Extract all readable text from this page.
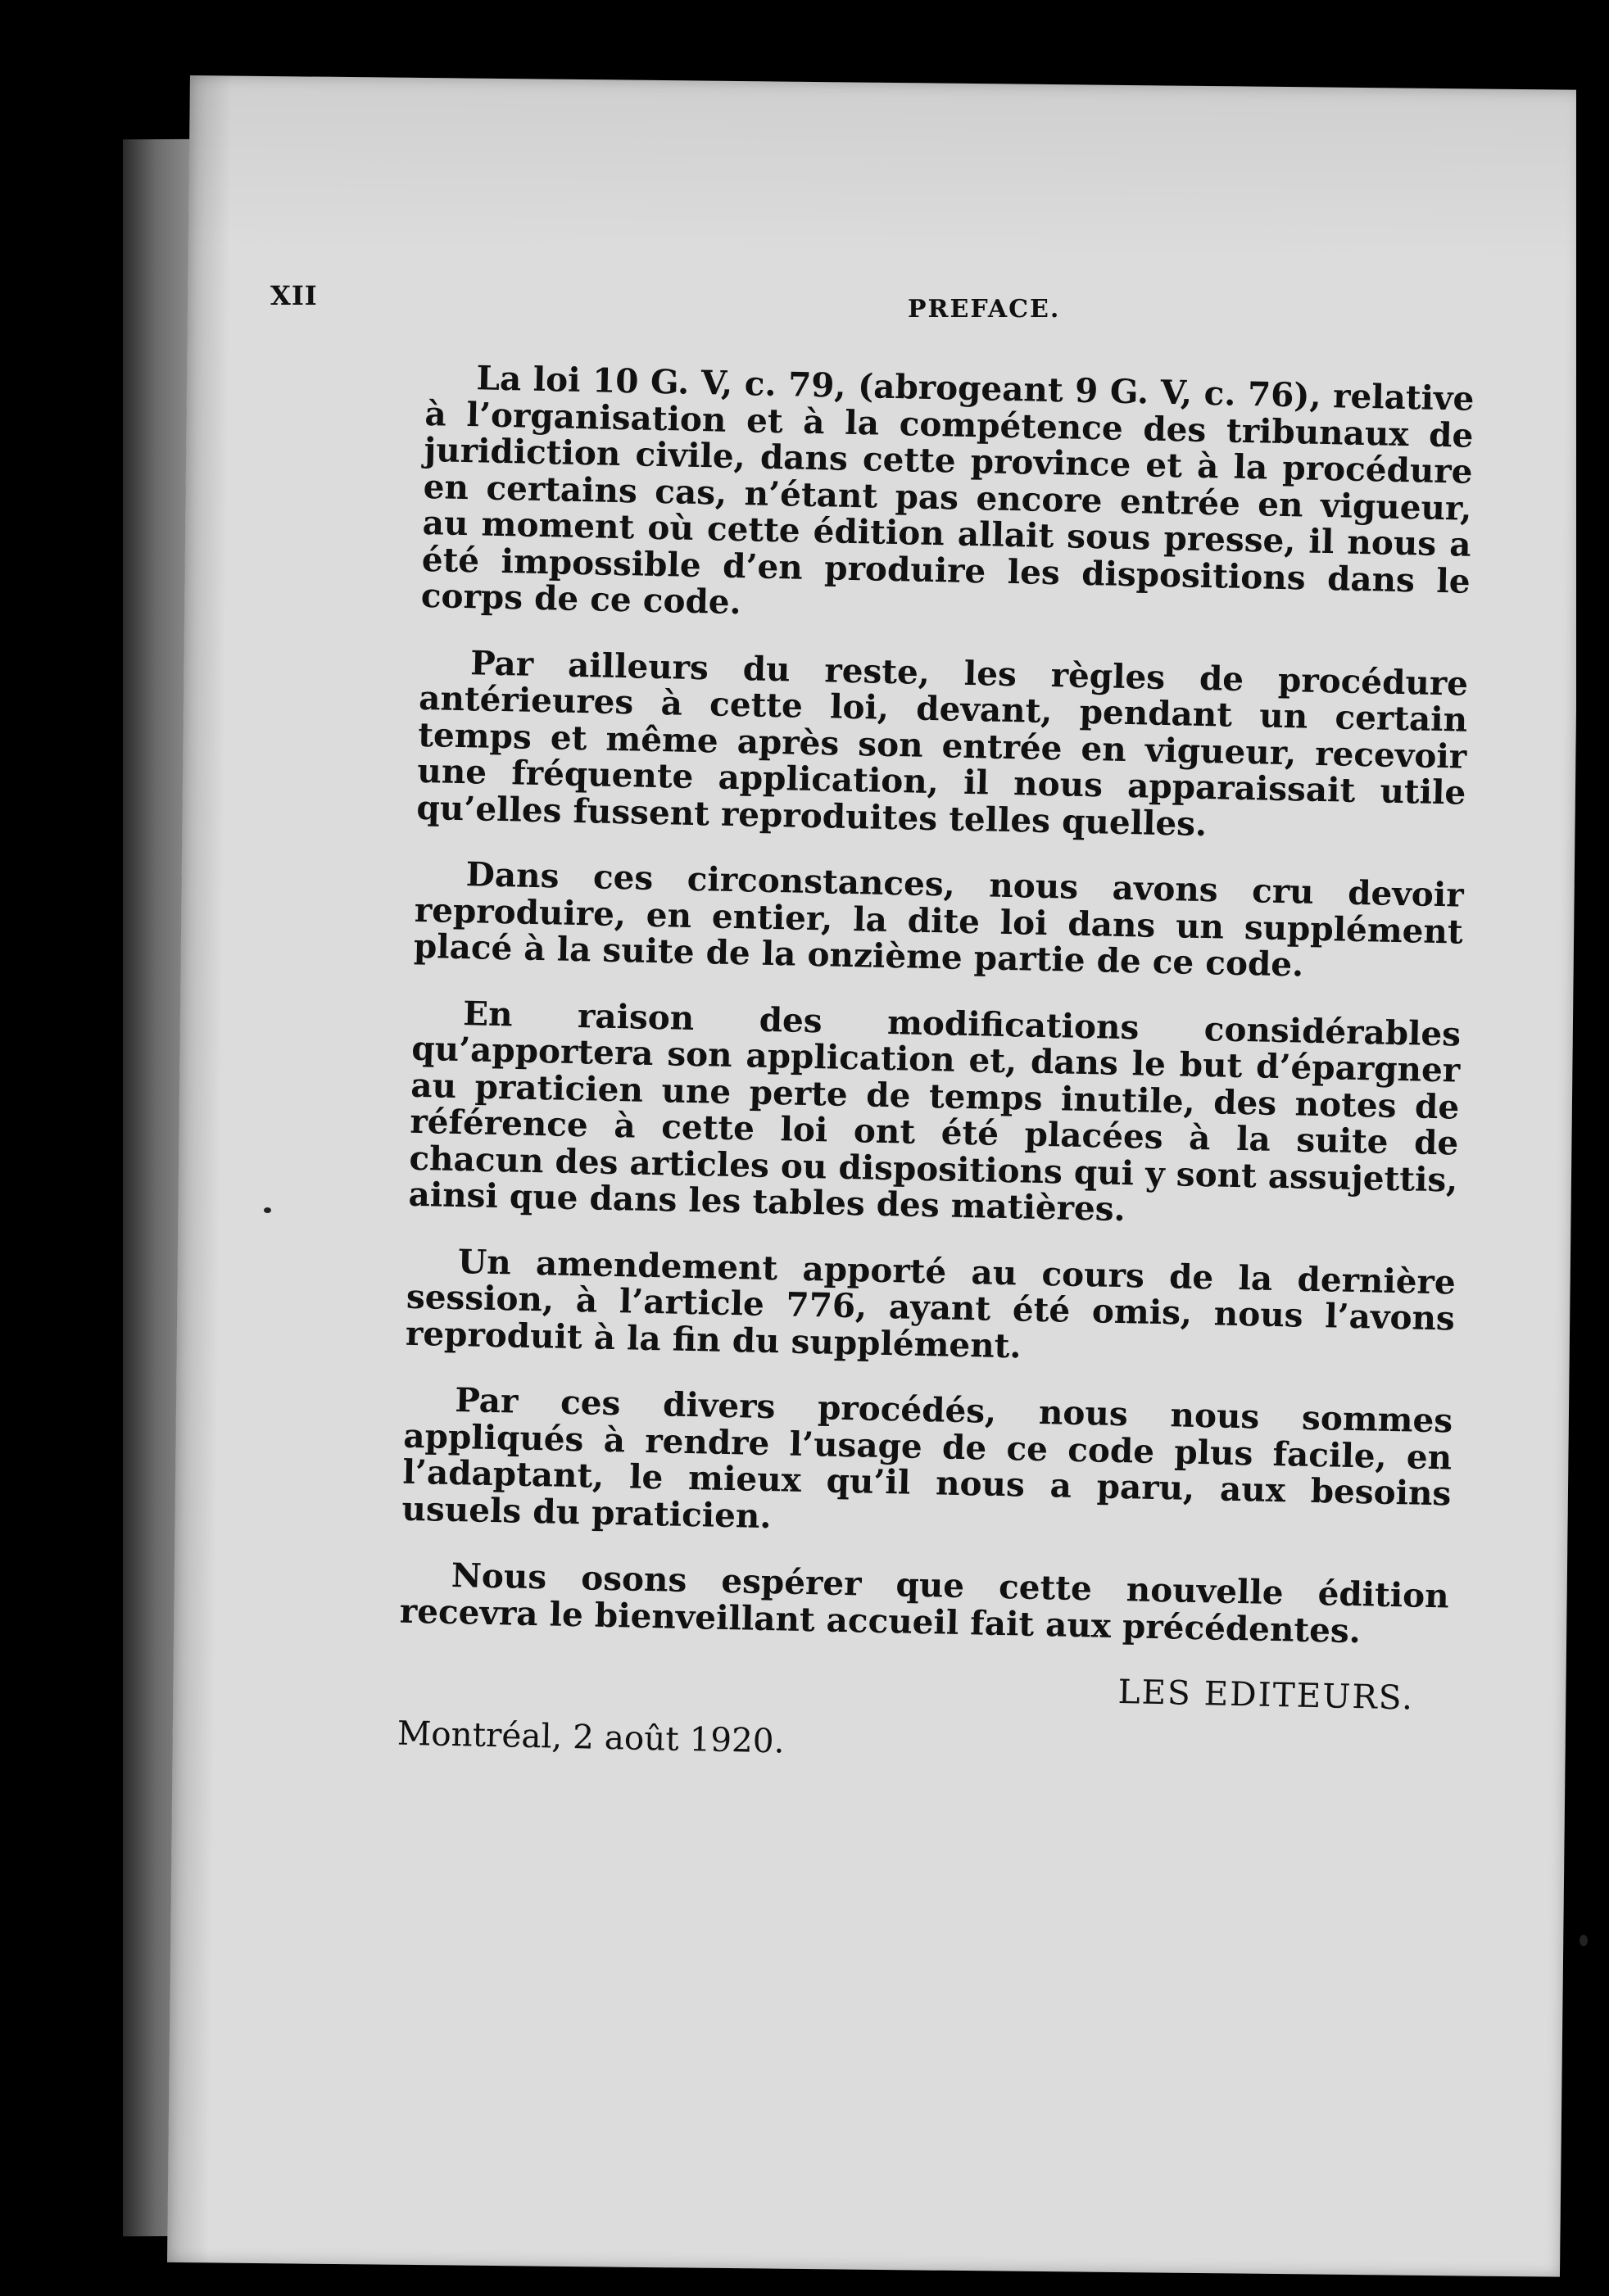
XII	PREFACE.

La loi 10 G. V, c. 79, (abrogeant 9 G. V, c. 76), relative à l’organisation et à la compétence des tribunaux de juridiction civile, dans cette province et à la procédure en certains cas, n’étant pas encore entrée en vigueur, au moment où cette édition allait sous presse, il nous a été impossible d’en produire les dispositions dans le corps de ce code.

Par ailleurs du reste, les règles de procédure antérieures à cette loi, devant, pendant un certain temps et même après son entrée en vigueur, recevoir une fréquente application, il nous apparaissait utile qu’elles fussent reproduites telles quelles.

Dans ces circonstances, nous avons cru devoir reproduire, en entier, la dite loi dans un supplément placé à la suite de la onzième partie de ce code.

En raison des modifications considérables qu’apportera son application et, dans le but d’épargner au praticien une perte de temps inutile, des notes de référence à cette loi ont été placées à la suite de chacun des articles ou dispositions qui y sont assujettis, ainsi que dans les tables des matières.

Un amendement apporté au cours de la dernière session, à l’article 776, ayant été omis, nous l’avons reproduit à la fin du supplément.

Par ces divers procédés, nous nous sommes appliqués à rendre l’usage de ce code plus facile, en l’adaptant, le mieux qu’il nous a paru, aux besoins usuels du praticien.

Nous osons espérer que cette nouvelle édition recevra le bienveillant accueil fait aux précédentes.

LES EDITEURS.

Montréal, 2 août 1920.
